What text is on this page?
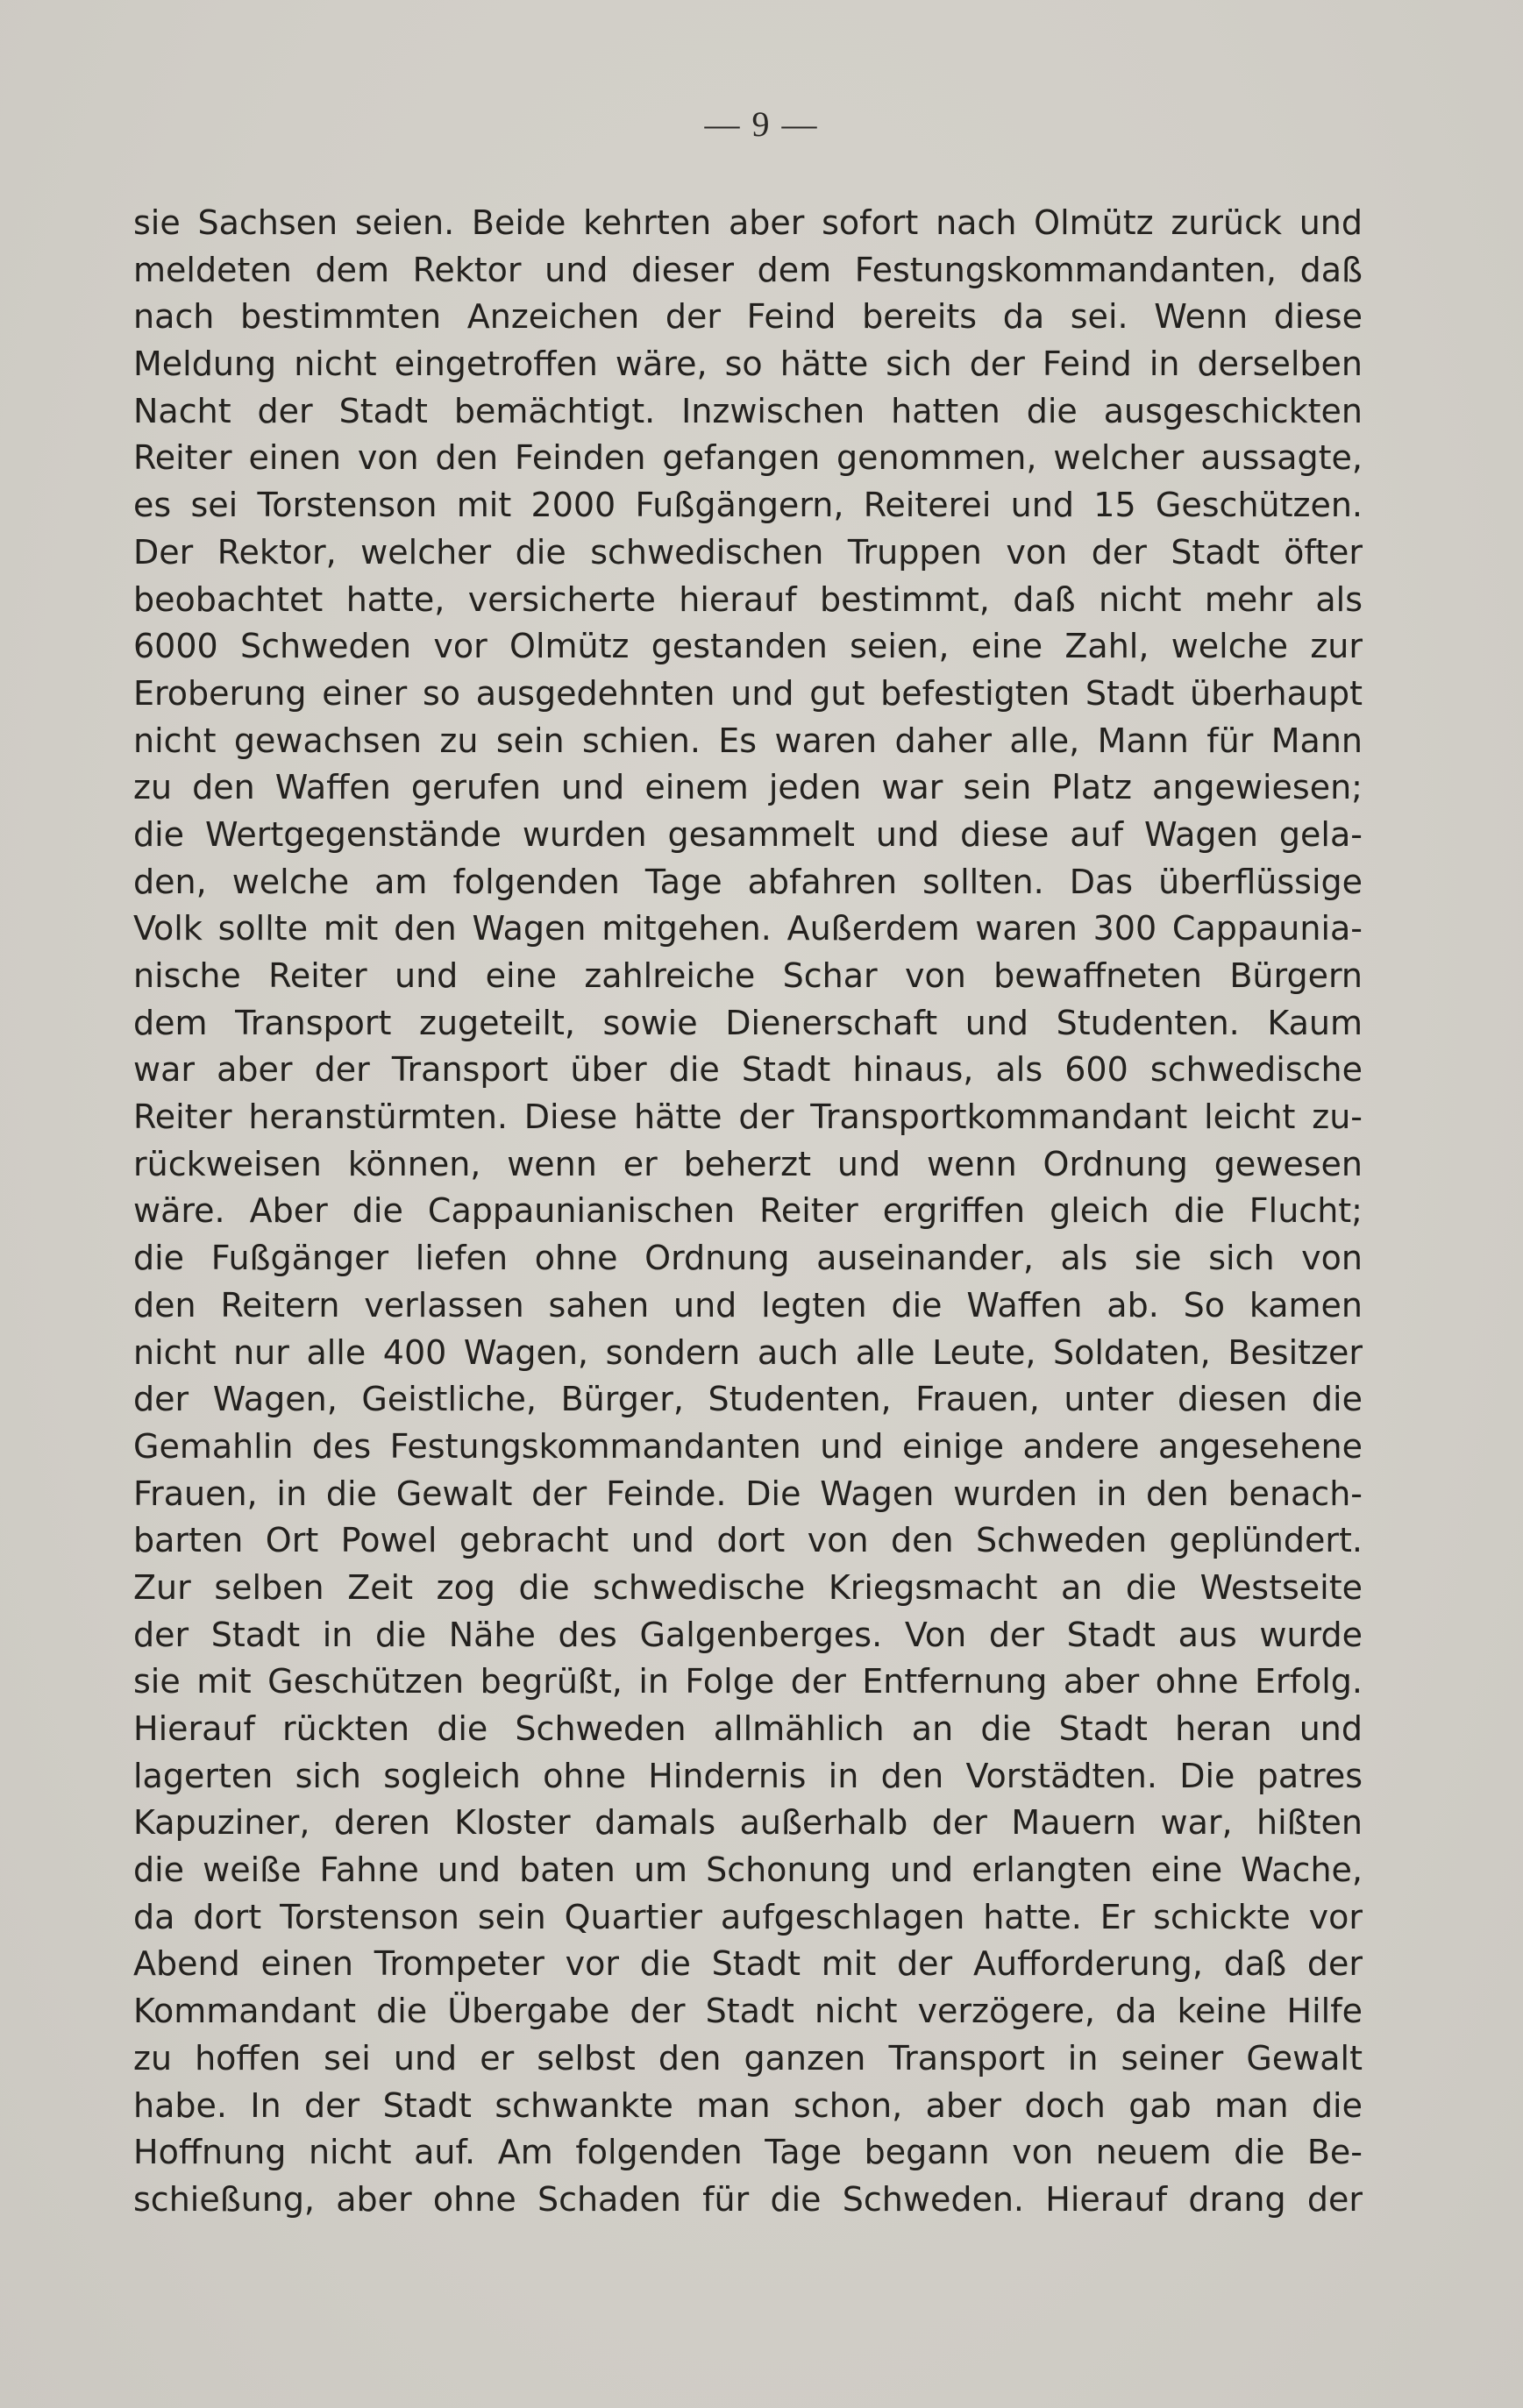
— 9 —
sie Sachsen seien. Beide kehrten aber sofort nach Olmütz zurück und
meldeten dem Rektor und dieser dem Festungskommandanten, daß
nach bestimmten Anzeichen der Feind bereits da sei. Wenn diese
Meldung nicht eingetroffen wäre, so hätte sich der Feind in derselben
Nacht der Stadt bemächtigt. Inzwischen hatten die ausgeschickten
Reiter einen von den Feinden gefangen genommen, welcher aussagte,
es sei Torstenson mit 2000 Fußgängern, Reiterei und 15 Geschützen.
Der Rektor, welcher die schwedischen Truppen von der Stadt öfter
beobachtet hatte, versicherte hierauf bestimmt, daß nicht mehr als
6000 Schweden vor Olmütz gestanden seien, eine Zahl, welche zur
Eroberung einer so ausgedehnten und gut befestigten Stadt überhaupt
nicht gewachsen zu sein schien. Es waren daher alle, Mann für Mann
zu den Waffen gerufen und einem jeden war sein Platz angewiesen;
die Wertgegenstände wurden gesammelt und diese auf Wagen gela-
den, welche am folgenden Tage abfahren sollten. Das überflüssige
Volk sollte mit den Wagen mitgehen. Außerdem waren 300 Cappaunia-
nische Reiter und eine zahlreiche Schar von bewaffneten Bürgern
dem Transport zugeteilt, sowie Dienerschaft und Studenten. Kaum
war aber der Transport über die Stadt hinaus, als 600 schwedische
Reiter heranstürmten. Diese hätte der Transportkommandant leicht zu-
rückweisen können, wenn er beherzt und wenn Ordnung gewesen
wäre. Aber die Cappaunianischen Reiter ergriffen gleich die Flucht;
die Fußgänger liefen ohne Ordnung auseinander, als sie sich von
den Reitern verlassen sahen und legten die Waffen ab. So kamen
nicht nur alle 400 Wagen, sondern auch alle Leute, Soldaten, Besitzer
der Wagen, Geistliche, Bürger, Studenten, Frauen, unter diesen die
Gemahlin des Festungskommandanten und einige andere angesehene
Frauen, in die Gewalt der Feinde. Die Wagen wurden in den benach-
barten Ort Powel gebracht und dort von den Schweden geplündert.
Zur selben Zeit zog die schwedische Kriegsmacht an die Westseite
der Stadt in die Nähe des Galgenberges. Von der Stadt aus wurde
sie mit Geschützen begrüßt, in Folge der Entfernung aber ohne Erfolg.
Hierauf rückten die Schweden allmählich an die Stadt heran und
lagerten sich sogleich ohne Hindernis in den Vorstädten. Die patres
Kapuziner, deren Kloster damals außerhalb der Mauern war, hißten
die weiße Fahne und baten um Schonung und erlangten eine Wache,
da dort Torstenson sein Quartier aufgeschlagen hatte. Er schickte vor
Abend einen Trompeter vor die Stadt mit der Aufforderung, daß der
Kommandant die Übergabe der Stadt nicht verzögere, da keine Hilfe
zu hoffen sei und er selbst den ganzen Transport in seiner Gewalt
habe. In der Stadt schwankte man schon, aber doch gab man die
Hoffnung nicht auf. Am folgenden Tage begann von neuem die Be-
schießung, aber ohne Schaden für die Schweden. Hierauf drang der
